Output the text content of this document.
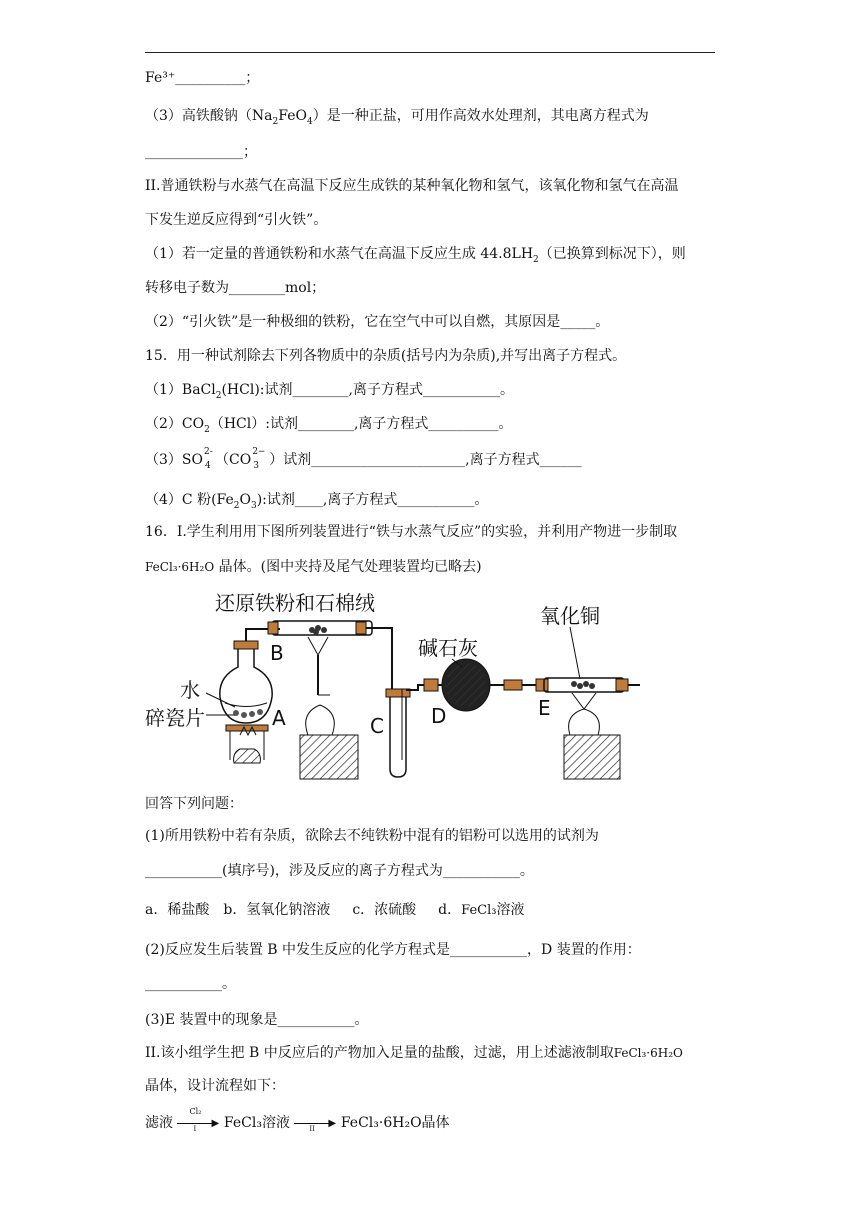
Fe³⁺__________；
（3）高铁酸钠$(Na_2FeO_4)$是一种正盐，可用作高效水处理剂，其电离方程式为
______________；
II.普通铁粉与水蒸气在高温下反应生成铁的某种氧化物和氢气，该氧化物和氢气在高温
下发生逆反应得到“引火铁”。
（1）若一定量的普通铁粉和水蒸气在高温下反应生成 $44.8LH_2$（已换算到标况下），则
转移电子数为________mol；
（2）“引火铁”是一种极细的铁粉，它在空气中可以自燃，其原因是_____。
15．用一种试剂除去下列各物质中的杂质(括号内为杂质),并写出离子方程式。
（1）BaCl$_2$(HCl):试剂________,离子方程式___________。
$(2)CO_2(HCl)$:试剂________,离子方程式__________。
（3）SO 2-
4 （CO 2−
3 ）试剂______________________,离子方程式______
（4）C 粉$(Fe_2O_3)$:试剂____,离子方程式___________。
16．I.学生利用用下图所列装置进行“铁与水蒸气反应”的实验，并利用产物进一步制取
FeCl₃·6H₂O 晶体。(图中夹持及尾气处理装置均已略去)
还原铁粉和石棉绒
水
碎瓷片	A
B
C
碱石灰
D
氧化铜
E
回答下列问题：
(1)所用铁粉中若有杂质，欲除去不纯铁粉中混有的铝粉可以选用的试剂为
___________(填序号)，涉及反应的离子方程式为___________。
a．稀盐酸 b．氢氧化钠溶液 c．浓硫酸 d．FeCl₃溶液
(2)反应发生后装置 B 中发生反应的化学方程式是___________，D 装置的作用：
___________。
(3)E 装置中的现象是___________。
II.该小组学生把 B 中反应后的产物加入足量的盐酸，过滤，用上述滤液制取FeCl₃·6H₂O
晶体，设计流程如下：
滤液
Cl₂
▶
I FeCl₃溶液	▶
II FeCl₃·6H₂O晶体
